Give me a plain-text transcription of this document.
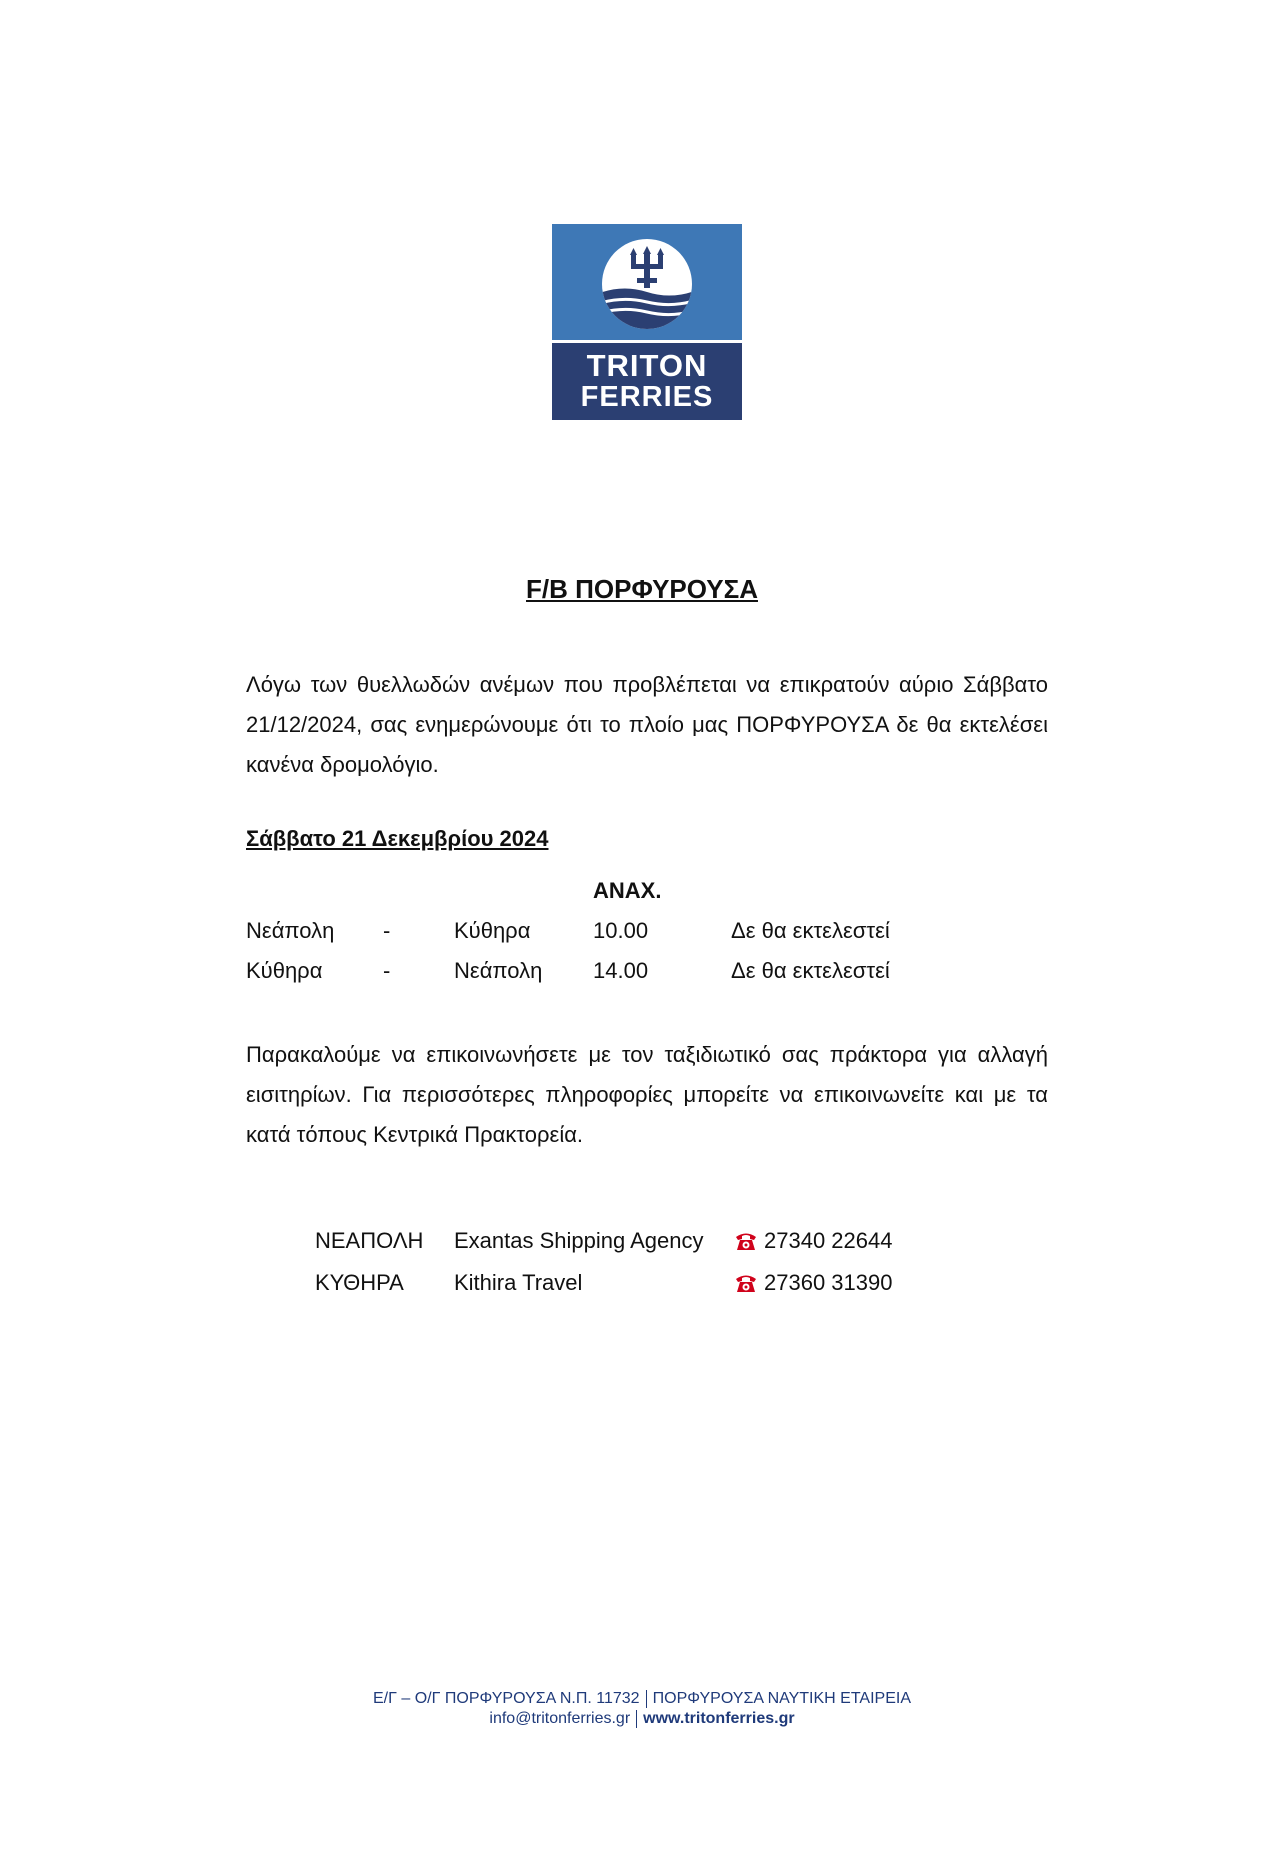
TRITON
FERRIES
F/B ΠΟΡΦΥΡΟΥΣΑ
Λόγω των θυελλωδών ανέμων που προβλέπεται να επικρατούν αύριο Σάββατο 21/12/2024, σας ενημερώνουμε ότι το πλοίο μας ΠΟΡΦΥΡΟΥΣΑ δε θα εκτελέσει κανένα δρομολόγιο.
Σάββατο 21 Δεκεμβρίου 2024
ΑΝΑΧ.
Νεάπολη -	Κύθηρα	10.00	Δε θα εκτελεστεί
Κύθηρα	-	Νεάπολη 14.00	Δε θα εκτελεστεί
Παρακαλούμε να επικοινωνήσετε με τον ταξιδιωτικό σας πράκτορα για αλλαγή εισιτηρίων. Για περισσότερες πληροφορίες μπορείτε να επικοινωνείτε και με τα κατά τόπους Κεντρικά Πρακτορεία.
ΝΕΑΠΟΛΗ Exantas Shipping Agency	27340 22644
ΚΥΘΗΡΑ Kithira Travel	27360 31390
Ε/Γ – Ο/Γ ΠΟΡΦΥΡΟΥΣΑ Ν.Π. 11732 ΠΟΡΦΥΡΟΥΣΑ ΝΑΥΤΙΚΗ ΕΤΑΙΡΕΙΑ
info@tritonferries.gr www.tritonferries.gr
